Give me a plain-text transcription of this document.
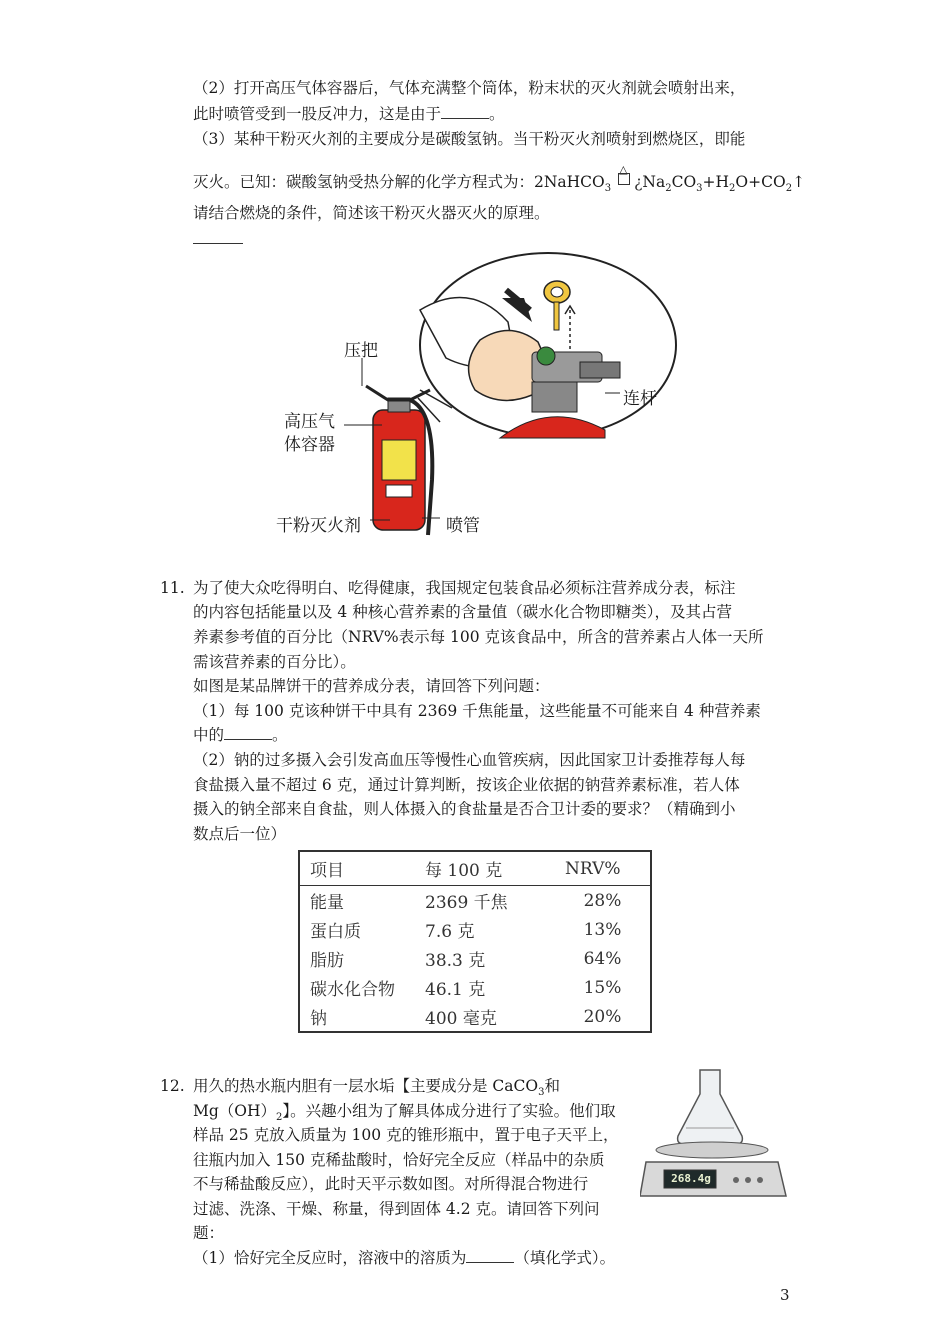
（2）打开高压气体容器后，气体充满整个筒体，粉末状的灭火剂就会喷射出来，
此时喷管受到一股反冲力，这是由于	。
（3）某种干粉灭火剂的主要成分是碳酸氢钠。当干粉灭火剂喷射到燃烧区，即能
灭火。已知：碳酸氢钠受热分解的化学方程式为：2NaHCO$_3$
△
¿$Na_2CO_3+H_2O+CO_2↑$
请结合燃烧的条件，简述该干粉灭火器灭火的原理。
压把
高压气
体容器
干粉灭火剂	喷管
连杆
11. 为了使大众吃得明白、吃得健康，我国规定包装食品必须标注营养成分表，标注
的内容包括能量以及 4 种核心营养素的含量值（碳水化合物即糖类），及其占营
养素参考值的百分比（NRV%表示每 100 克该食品中，所含的营养素占人体一天所
需该营养素的百分比）。
如图是某品牌饼干的营养成分表，请回答下列问题：
（1）每 100 克该种饼干中具有 2369 千焦能量，这些能量不可能来自 4 种营养素
中的	。
（2）钠的过多摄入会引发高血压等慢性心血管疾病，因此国家卫计委推荐每人每
食盐摄入量不超过 6 克，通过计算判断，按该企业依据的钠营养素标准，若人体
摄入的钠全部来自食盐，则人体摄入的食盐量是否合卫计委的要求？（精确到小
数点后一位）
项目	每 100 克	NRV%
能量	2369 千焦	28%
蛋白质	7.6 克	13%
脂肪	38.3 克	64%
碳水化合物	46.1 克	15%
钠	400 毫克	20%
12. 用久的热水瓶内胆有一层水垢【主要成分是 CaCO$_3$和
$Mg(OH)_2$】。兴趣小组为了解具体成分进行了实验。他们取
样品 25 克放入质量为 100 克的锥形瓶中，置于电子天平上，
往瓶内加入 150 克稀盐酸时，恰好完全反应（样品中的杂质
不与稀盐酸反应），此时天平示数如图。对所得混合物进行
过滤、洗涤、干燥、称量，得到固体 4.2 克。请回答下列问
题：
（1）恰好完全反应时，溶液中的溶质为	（填化学式）。
268.4g
3
